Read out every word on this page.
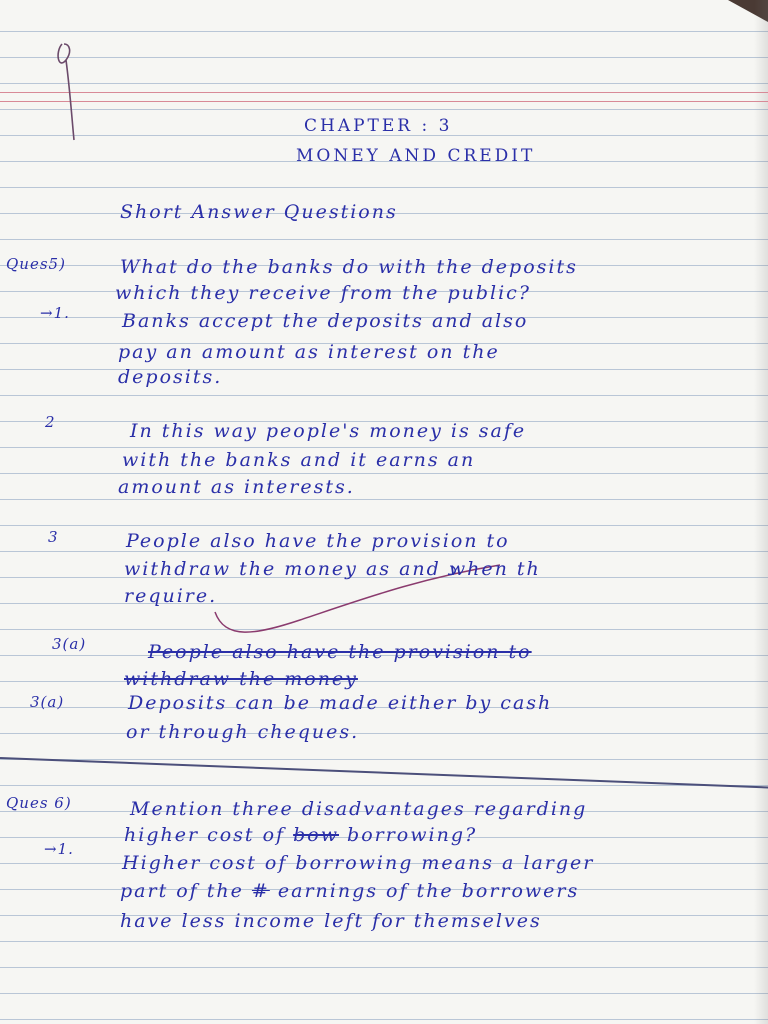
CHAPTER : 3
MONEY AND CREDIT
Short Answer Questions
Ques5)	What do the banks do with the deposits
which they receive from the public?
→1.	Banks accept the deposits and also
pay an amount as interest on the
deposits.
2	In this way people's money is safe
with the banks and it earns an
amount as interests.
3	People also have the provision to
withdraw the money as and when th
require.
3(a)	People also have the provision to
withdraw the money
3(a)	Deposits can be made either by cash
or through cheques.
Ques 6)	Mention three disadvantages regarding
higher cost of bow borrowing?
→1.
Higher cost of borrowing means a larger
part of the # earnings of the borrowers
have less income left for themselves
